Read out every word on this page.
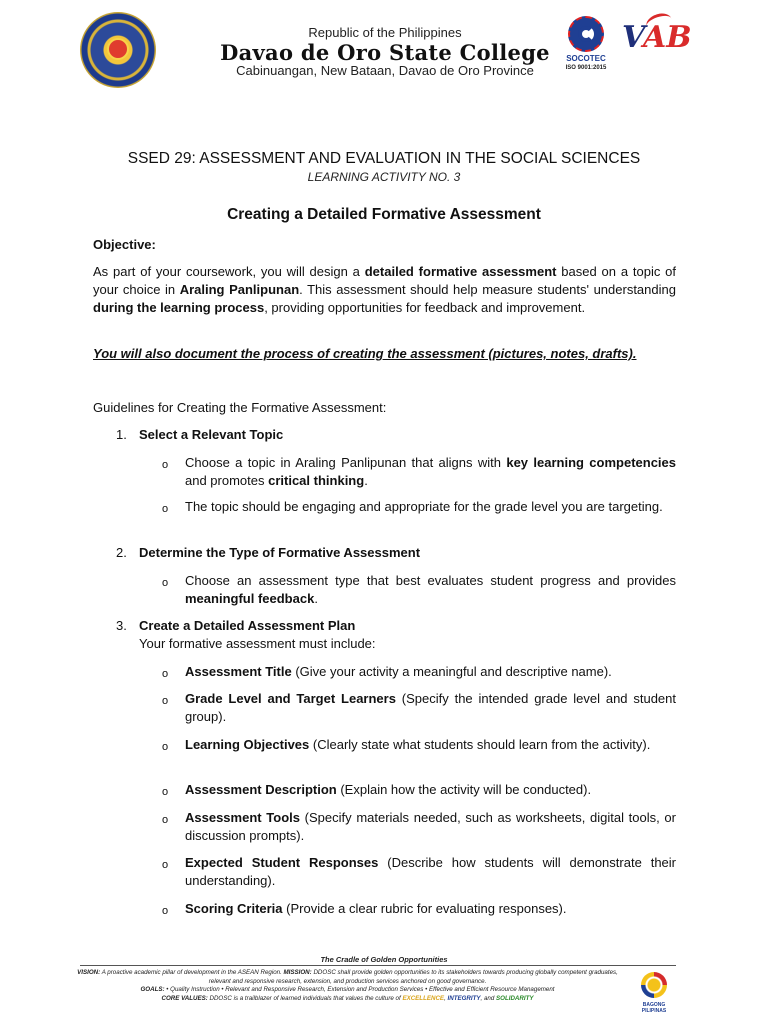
Republic of the Philippines
Davao de Oro State College
Cabinuangan, New Bataan, Davao de Oro Province
SOCOTEC
ISO 9001:2015
VAB
SSED 29: ASSESSMENT AND EVALUATION IN THE SOCIAL SCIENCES
LEARNING ACTIVITY NO. 3
Creating a Detailed Formative Assessment
Objective:
As part of your coursework, you will design a detailed formative assessment based on a topic of your choice in Araling Panlipunan. This assessment should help measure students' understanding during the learning process, providing opportunities for feedback and improvement.
You will also document the process of creating the assessment (pictures, notes, drafts).
Guidelines for Creating the Formative Assessment:
1. Select a Relevant Topic
o Choose a topic in Araling Panlipunan that aligns with key learning competencies and promotes critical thinking.
o The topic should be engaging and appropriate for the grade level you are targeting.
2. Determine the Type of Formative Assessment
o Choose an assessment type that best evaluates student progress and provides meaningful feedback.
3. Create a Detailed Assessment Plan
Your formative assessment must include:
o Assessment Title (Give your activity a meaningful and descriptive name).
o Grade Level and Target Learners (Specify the intended grade level and student group).
o Learning Objectives (Clearly state what students should learn from the activity).
o Assessment Description (Explain how the activity will be conducted).
o Assessment Tools (Specify materials needed, such as worksheets, digital tools, or discussion prompts).
o Expected Student Responses (Describe how students will demonstrate their understanding).
o Scoring Criteria (Provide a clear rubric for evaluating responses).
The Cradle of Golden Opportunities
VISION: A proactive academic pillar of development in the ASEAN Region. MISSION: DDOSC shall provide golden opportunities to its stakeholders towards producing globally competent graduates, relevant and responsive research, extension, and production services anchored on good governance.
GOALS: • Quality Instruction • Relevant and Responsive Research, Extension and Production Services • Effective and Efficient Resource Management
CORE VALUES: DDOSC is a trailblazer of learned individuals that values the culture of EXCELLENCE, INTEGRITY, and SOLIDARITY
BAGONG PILIPINAS
